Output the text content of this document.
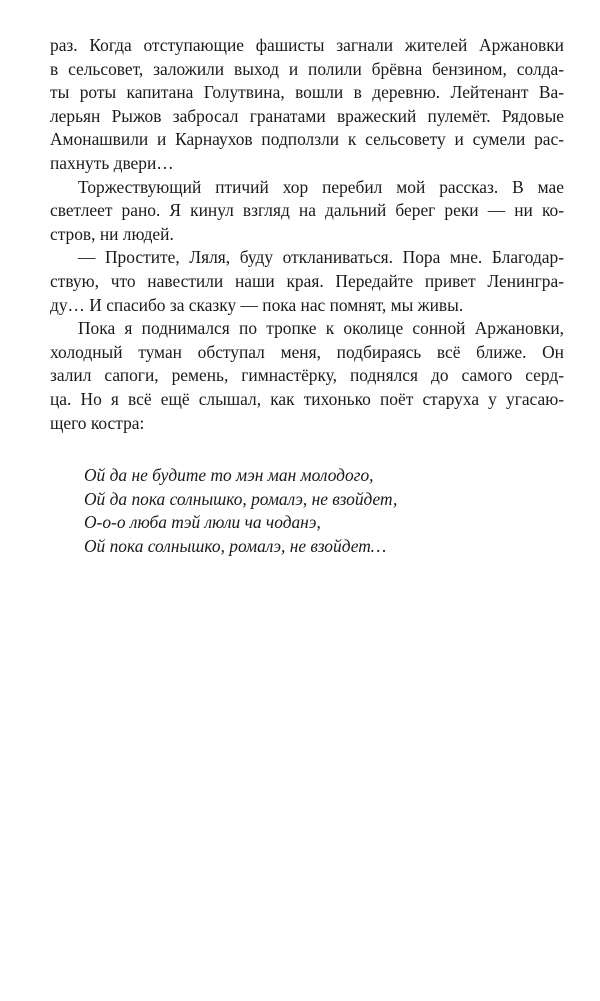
раз. Когда отступающие фашисты загнали жителей Аржановки
в сельсовет, заложили выход и полили брёвна бензином, солда-
ты роты капитана Голутвина, вошли в деревню. Лейтенант Ва-
лерьян Рыжов забросал гранатами вражеский пулемёт. Рядовые
Амонашвили и Карнаухов подползли к сельсовету и сумели рас-
пахнуть двери…
Торжествующий птичий хор перебил мой рассказ. В мае
светлеет рано. Я кинул взгляд на дальний берег реки — ни ко-
стров, ни людей.
— Простите, Ляля, буду откланиваться. Пора мне. Благодар-
ствую, что навестили наши края. Передайте привет Ленингра-
ду… И спасибо за сказку — пока нас помнят, мы живы.
Пока я поднимался по тропке к околице сонной Аржановки,
холодный туман обступал меня, подбираясь всё ближе. Он
залил сапоги, ремень, гимнастёрку, поднялся до самого серд-
ца. Но я всё ещё слышал, как тихонько поёт старуха у угасаю-
щего костра:
Ой да не будите то мэн ман молодого,
Ой да пока солнышко, ромалэ, не взойдет,
О-о-о люба тэй люли ча чоданэ,
Ой пока солнышко, ромалэ, не взойдет…
